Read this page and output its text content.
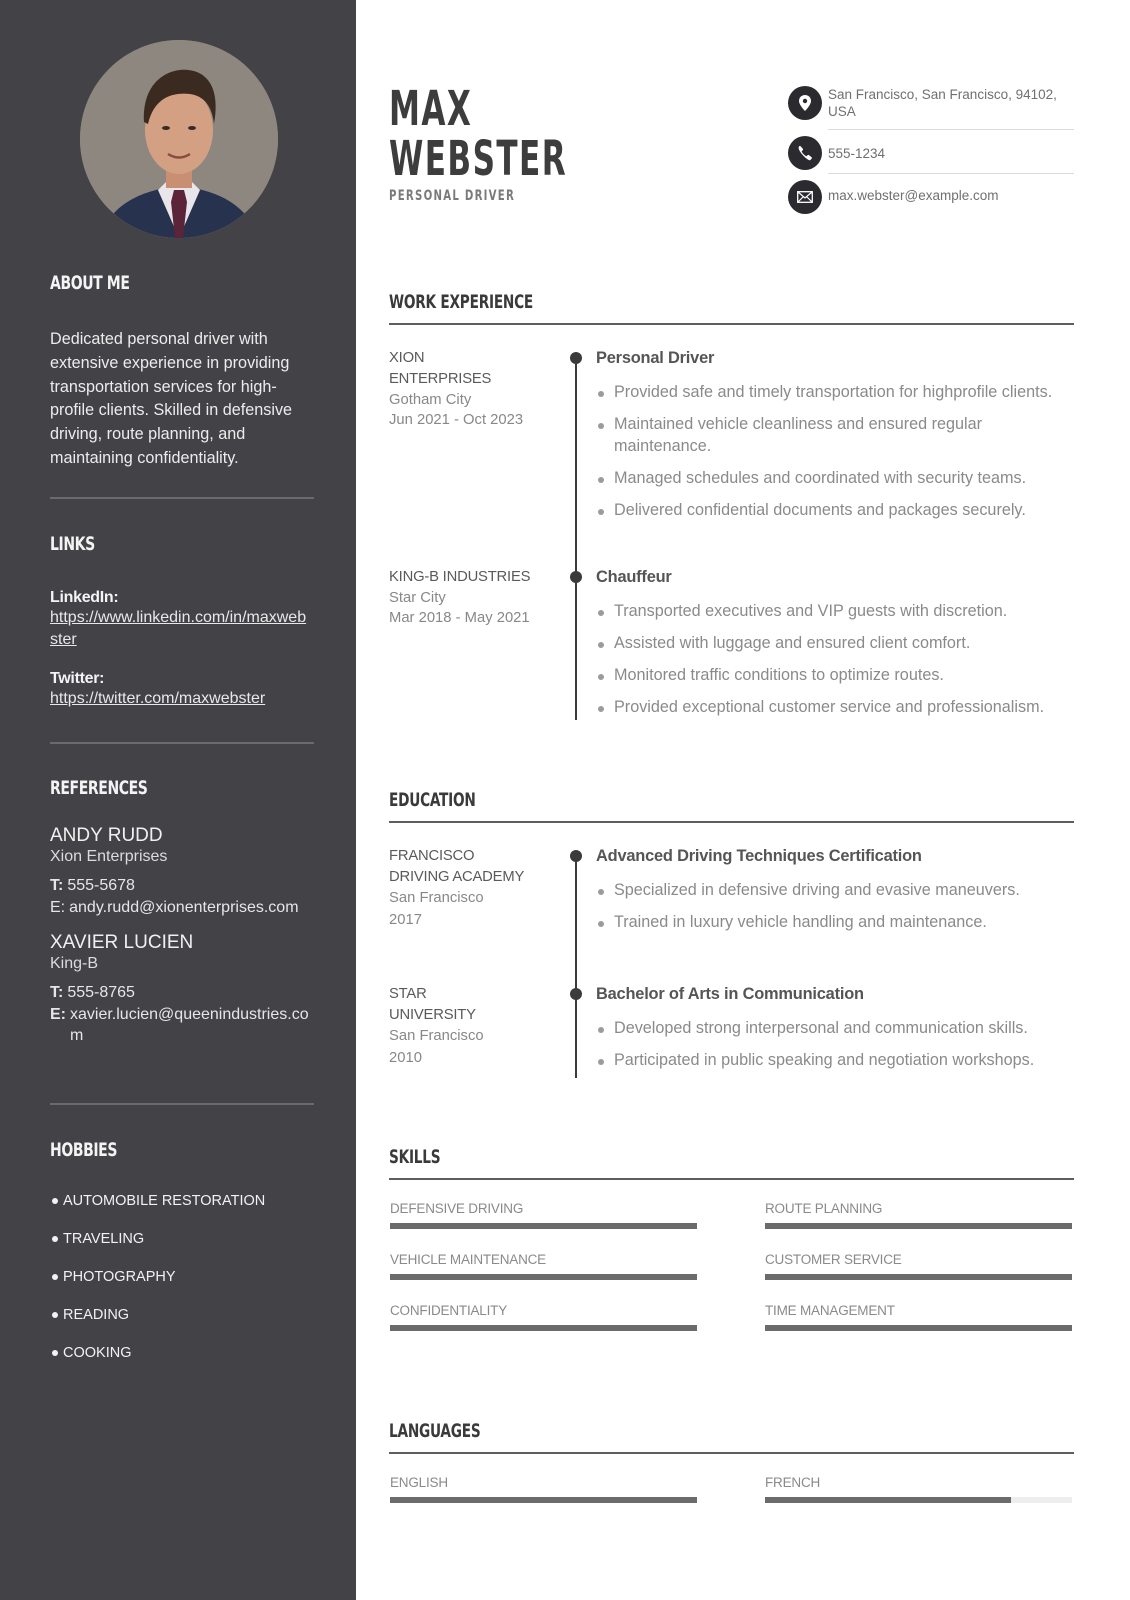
ABOUT ME

Dedicated personal driver with extensive experience in providing transportation services for high-profile clients. Skilled in defensive driving, route planning, and maintaining confidentiality.

LINKS
LinkedIn:
https://www.linkedin.com/in/maxwebster
Twitter:
https://twitter.com/maxwebster
REFERENCES
ANDY RUDD
Xion Enterprises
T: 555-5678
E: andy.rudd@xionenterprises.com
XAVIER LUCIEN
King-B
T: 555-8765
E: xavier.lucien@queenindustries.com
HOBBIES
AUTOMOBILE RESTORATION
TRAVELING
PHOTOGRAPHY
READING
COOKING
MAX
WEBSTER
PERSONAL DRIVER
San Francisco, San Francisco, 94102, USA
555-1234
max.webster@example.com
WORK EXPERIENCE
XION
ENTERPRISES
Gotham City
Jun 2021 - Oct 2023
Personal Driver
Provided safe and timely transportation for highprofile clients.
Maintained vehicle cleanliness and ensured regular maintenance.
Managed schedules and coordinated with security teams.
Delivered confidential documents and packages securely.
KING-B INDUSTRIES
Star City
Mar 2018 - May 2021
Chauffeur
Transported executives and VIP guests with discretion.
Assisted with luggage and ensured client comfort.
Monitored traffic conditions to optimize routes.
Provided exceptional customer service and professionalism.
EDUCATION
FRANCISCO
DRIVING ACADEMY
San Francisco
2017
Advanced Driving Techniques Certification
Specialized in defensive driving and evasive maneuvers.
Trained in luxury vehicle handling and maintenance.
STAR
UNIVERSITY
San Francisco
2010
Bachelor of Arts in Communication
Developed strong interpersonal and communication skills.
Participated in public speaking and negotiation workshops.
SKILLS
DEFENSIVE DRIVING	ROUTE PLANNING
VEHICLE MAINTENANCE	CUSTOMER SERVICE
CONFIDENTIALITY	TIME MANAGEMENT
LANGUAGES
ENGLISH	FRENCH
